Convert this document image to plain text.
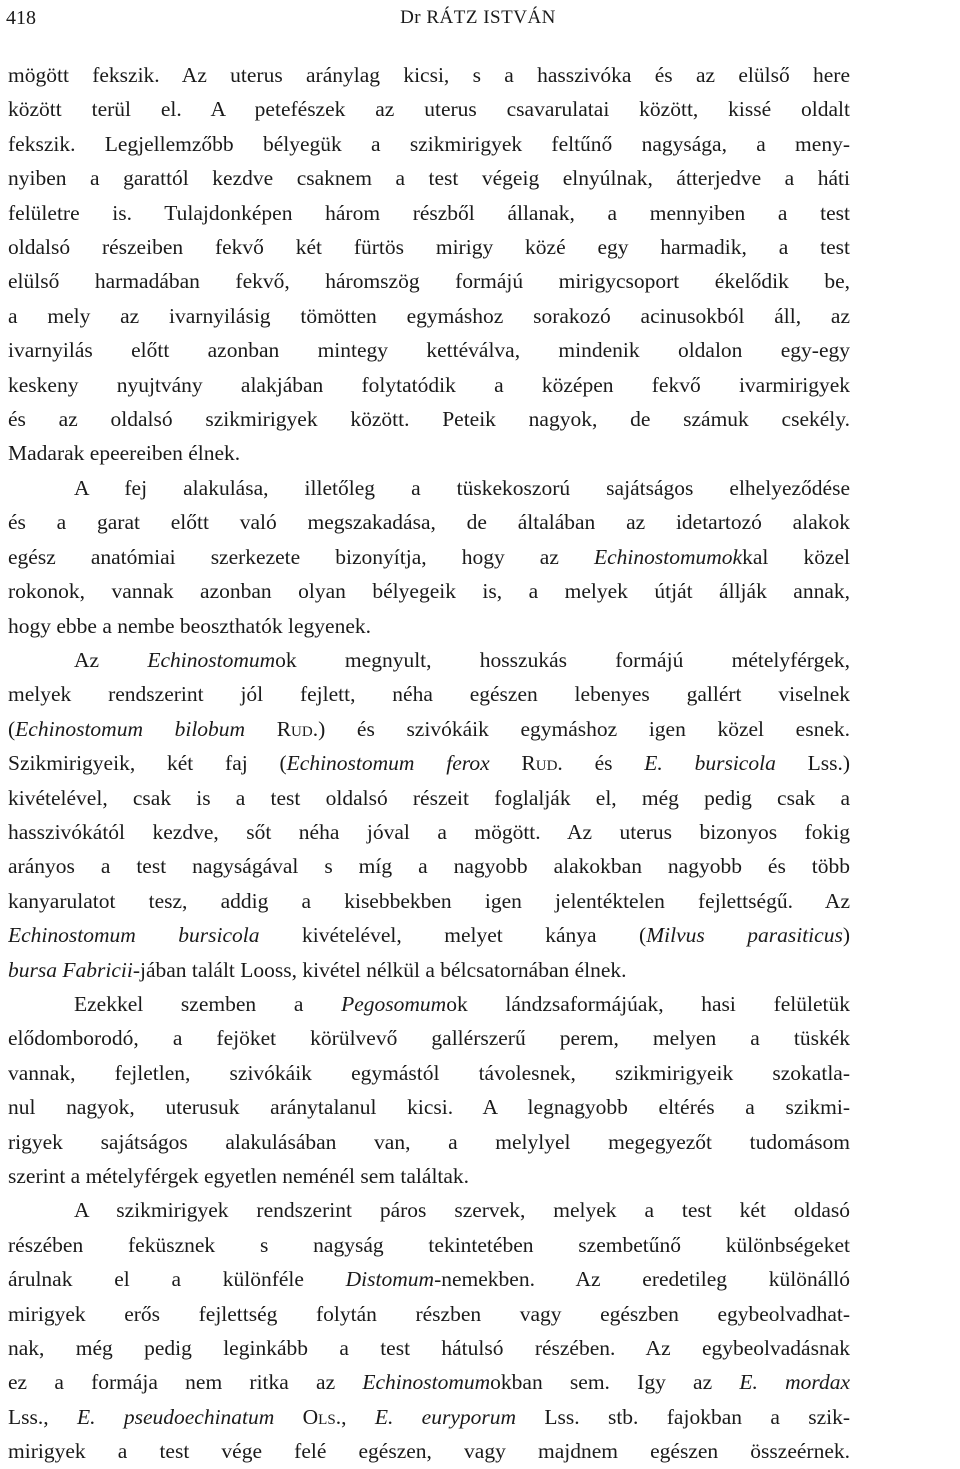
418	Dr RÁTZ ISTVÁN
mögött fekszik. Az uterus aránylag kicsi, s a hasszivóka és az elülső here
között terül el. A petefészek az uterus csavarulatai között, kissé oldalt
fekszik. Legjellemzőbb bélyegük a szikmirigyek feltűnő nagysága, a meny-
nyiben a garattól kezdve csaknem a test végeig elnyúlnak, átterjedve a háti
felületre is. Tulajdonképen három részből állanak, a mennyiben a test
oldalsó részeiben fekvő két fürtös mirigy közé egy harmadik, a test
elülső harmadában fekvő, háromszög formájú mirigycsoport ékelődik be,
a mely az ivarnyilásig tömötten egymáshoz sorakozó acinusokból áll, az
ivarnyilás előtt azonban mintegy kettéválva, mindenik oldalon egy-egy
keskeny nyujtvány alakjában folytatódik a középen fekvő ivarmirigyek
és az oldalsó szikmirigyek között. Peteik nagyok, de számuk csekély.
Madarak epeereiben élnek.
A fej alakulása, illetőleg a tüskekoszorú sajátságos elhelyeződése
és a garat előtt való megszakadása, de általában az idetartozó alakok
egész anatómiai szerkezete bizonyítja, hogy az Echinostomumokkal közel
rokonok, vannak azonban olyan bélyegeik is, a melyek útját állják annak,
hogy ebbe a nembe beoszthatók legyenek.
Az Echinostomumok megnyult, hosszukás formájú mételyférgek,
melyek rendszerint jól fejlett, néha egészen lebenyes gallért viselnek
(Echinostomum bilobum Rud.) és szivókáik egymáshoz igen közel esnek.
Szikmirigyeik, két faj (Echinostomum ferox Rud. és E. bursicola Lss.)
kivételével, csak is a test oldalsó részeit foglalják el, még pedig csak a
hasszivókától kezdve, sőt néha jóval a mögött. Az uterus bizonyos fokig
arányos a test nagyságával s míg a nagyobb alakokban nagyobb és több
kanyarulatot tesz, addig a kisebbekben igen jelentéktelen fejlettségű. Az
Echinostomum bursicola kivételével, melyet kánya (Milvus parasiticus)
bursa Fabricii-jában talált Looss, kivétel nélkül a bélcsatornában élnek.
Ezekkel szemben a Pegosomumok lándzsaformájúak, hasi felületük
elődomborodó, a fejöket körülvevő gallérszerű perem, melyen a tüskék
vannak, fejletlen, szivókáik egymástól távolesnek, szikmirigyeik szokatla-
nul nagyok, uterusuk aránytalanul kicsi. A legnagyobb eltérés a szikmi-
rigyek sajátságos alakulásában van, a melylyel megegyezőt tudomásom
szerint a mételyférgek egyetlen neménél sem találtak.
A szikmirigyek rendszerint páros szervek, melyek a test két oldasó
részében feküsznek s nagyság tekintetében szembetűnő különbségeket
árulnak el a különféle Distomum-nemekben. Az eredetileg különálló
mirigyek erős fejlettség folytán részben vagy egészben egybeolvadhat-
nak, még pedig leginkább a test hátulsó részében. Az egybeolvadásnak
ez a formája nem ritka az Echinostomumokban sem. Igy az E. mordax
Lss., E. pseudoechinatum Ols., E. euryporum Lss. stb. fajokban a szik-
mirigyek a test vége felé egészen, vagy majdnem egészen összeérnek.
